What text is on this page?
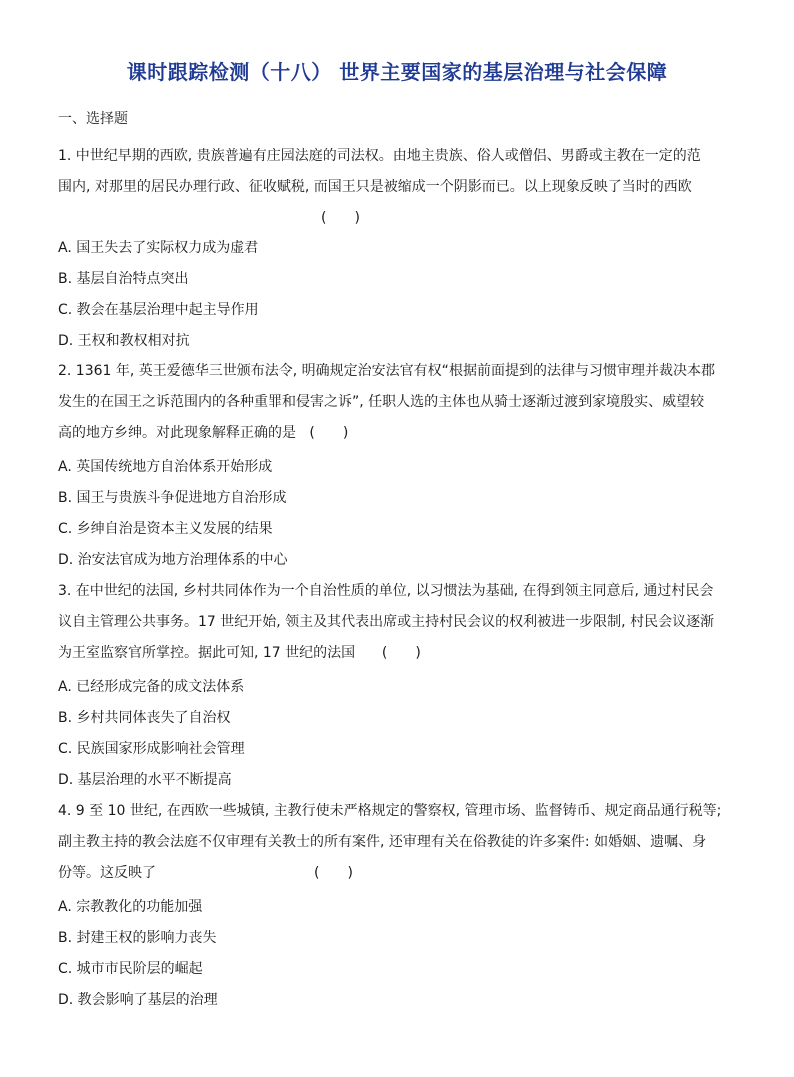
课时跟踪检测（十八） 世界主要国家的基层治理与社会保障
一、选择题
1. 中世纪早期的西欧, 贵族普遍有庄园法庭的司法权。由地主贵族、俗人或僧侣、男爵或主教在一定的范
围内, 对那里的居民办理行政、征收赋税, 而国王只是被缩成一个阴影而已。以上现象反映了当时的西欧
(　　)
A. 国王失去了实际权力成为虚君
B. 基层自治特点突出
C. 教会在基层治理中起主导作用
D. 王权和教权相对抗
2. 1361 年, 英王爱德华三世颁布法令, 明确规定治安法官有权“根据前面提到的法律与习惯审理并裁决本郡
发生的在国王之诉范围内的各种重罪和侵害之诉”, 任职人选的主体也从骑士逐渐过渡到家境殷实、威望较
高的地方乡绅。对此现象解释正确的是 (　　)
A. 英国传统地方自治体系开始形成
B. 国王与贵族斗争促进地方自治形成
C. 乡绅自治是资本主义发展的结果
D. 治安法官成为地方治理体系的中心
3. 在中世纪的法国, 乡村共同体作为一个自治性质的单位, 以习惯法为基础, 在得到领主同意后, 通过村民会
议自主管理公共事务。17 世纪开始, 领主及其代表出席或主持村民会议的权利被进一步限制, 村民会议逐渐
为王室监察官所掌控。据此可知, 17 世纪的法国 (　　)
A. 已经形成完备的成文法体系
B. 乡村共同体丧失了自治权
C. 民族国家形成影响社会管理
D. 基层治理的水平不断提高
4. 9 至 10 世纪, 在西欧一些城镇, 主教行使未严格规定的警察权, 管理市场、监督铸币、规定商品通行税等;
副主教主持的教会法庭不仅审理有关教士的所有案件, 还审理有关在俗教徒的许多案件: 如婚姻、遗嘱、身
份等。这反映了	(　　)
A. 宗教教化的功能加强
B. 封建王权的影响力丧失
C. 城市市民阶层的崛起
D. 教会影响了基层的治理
